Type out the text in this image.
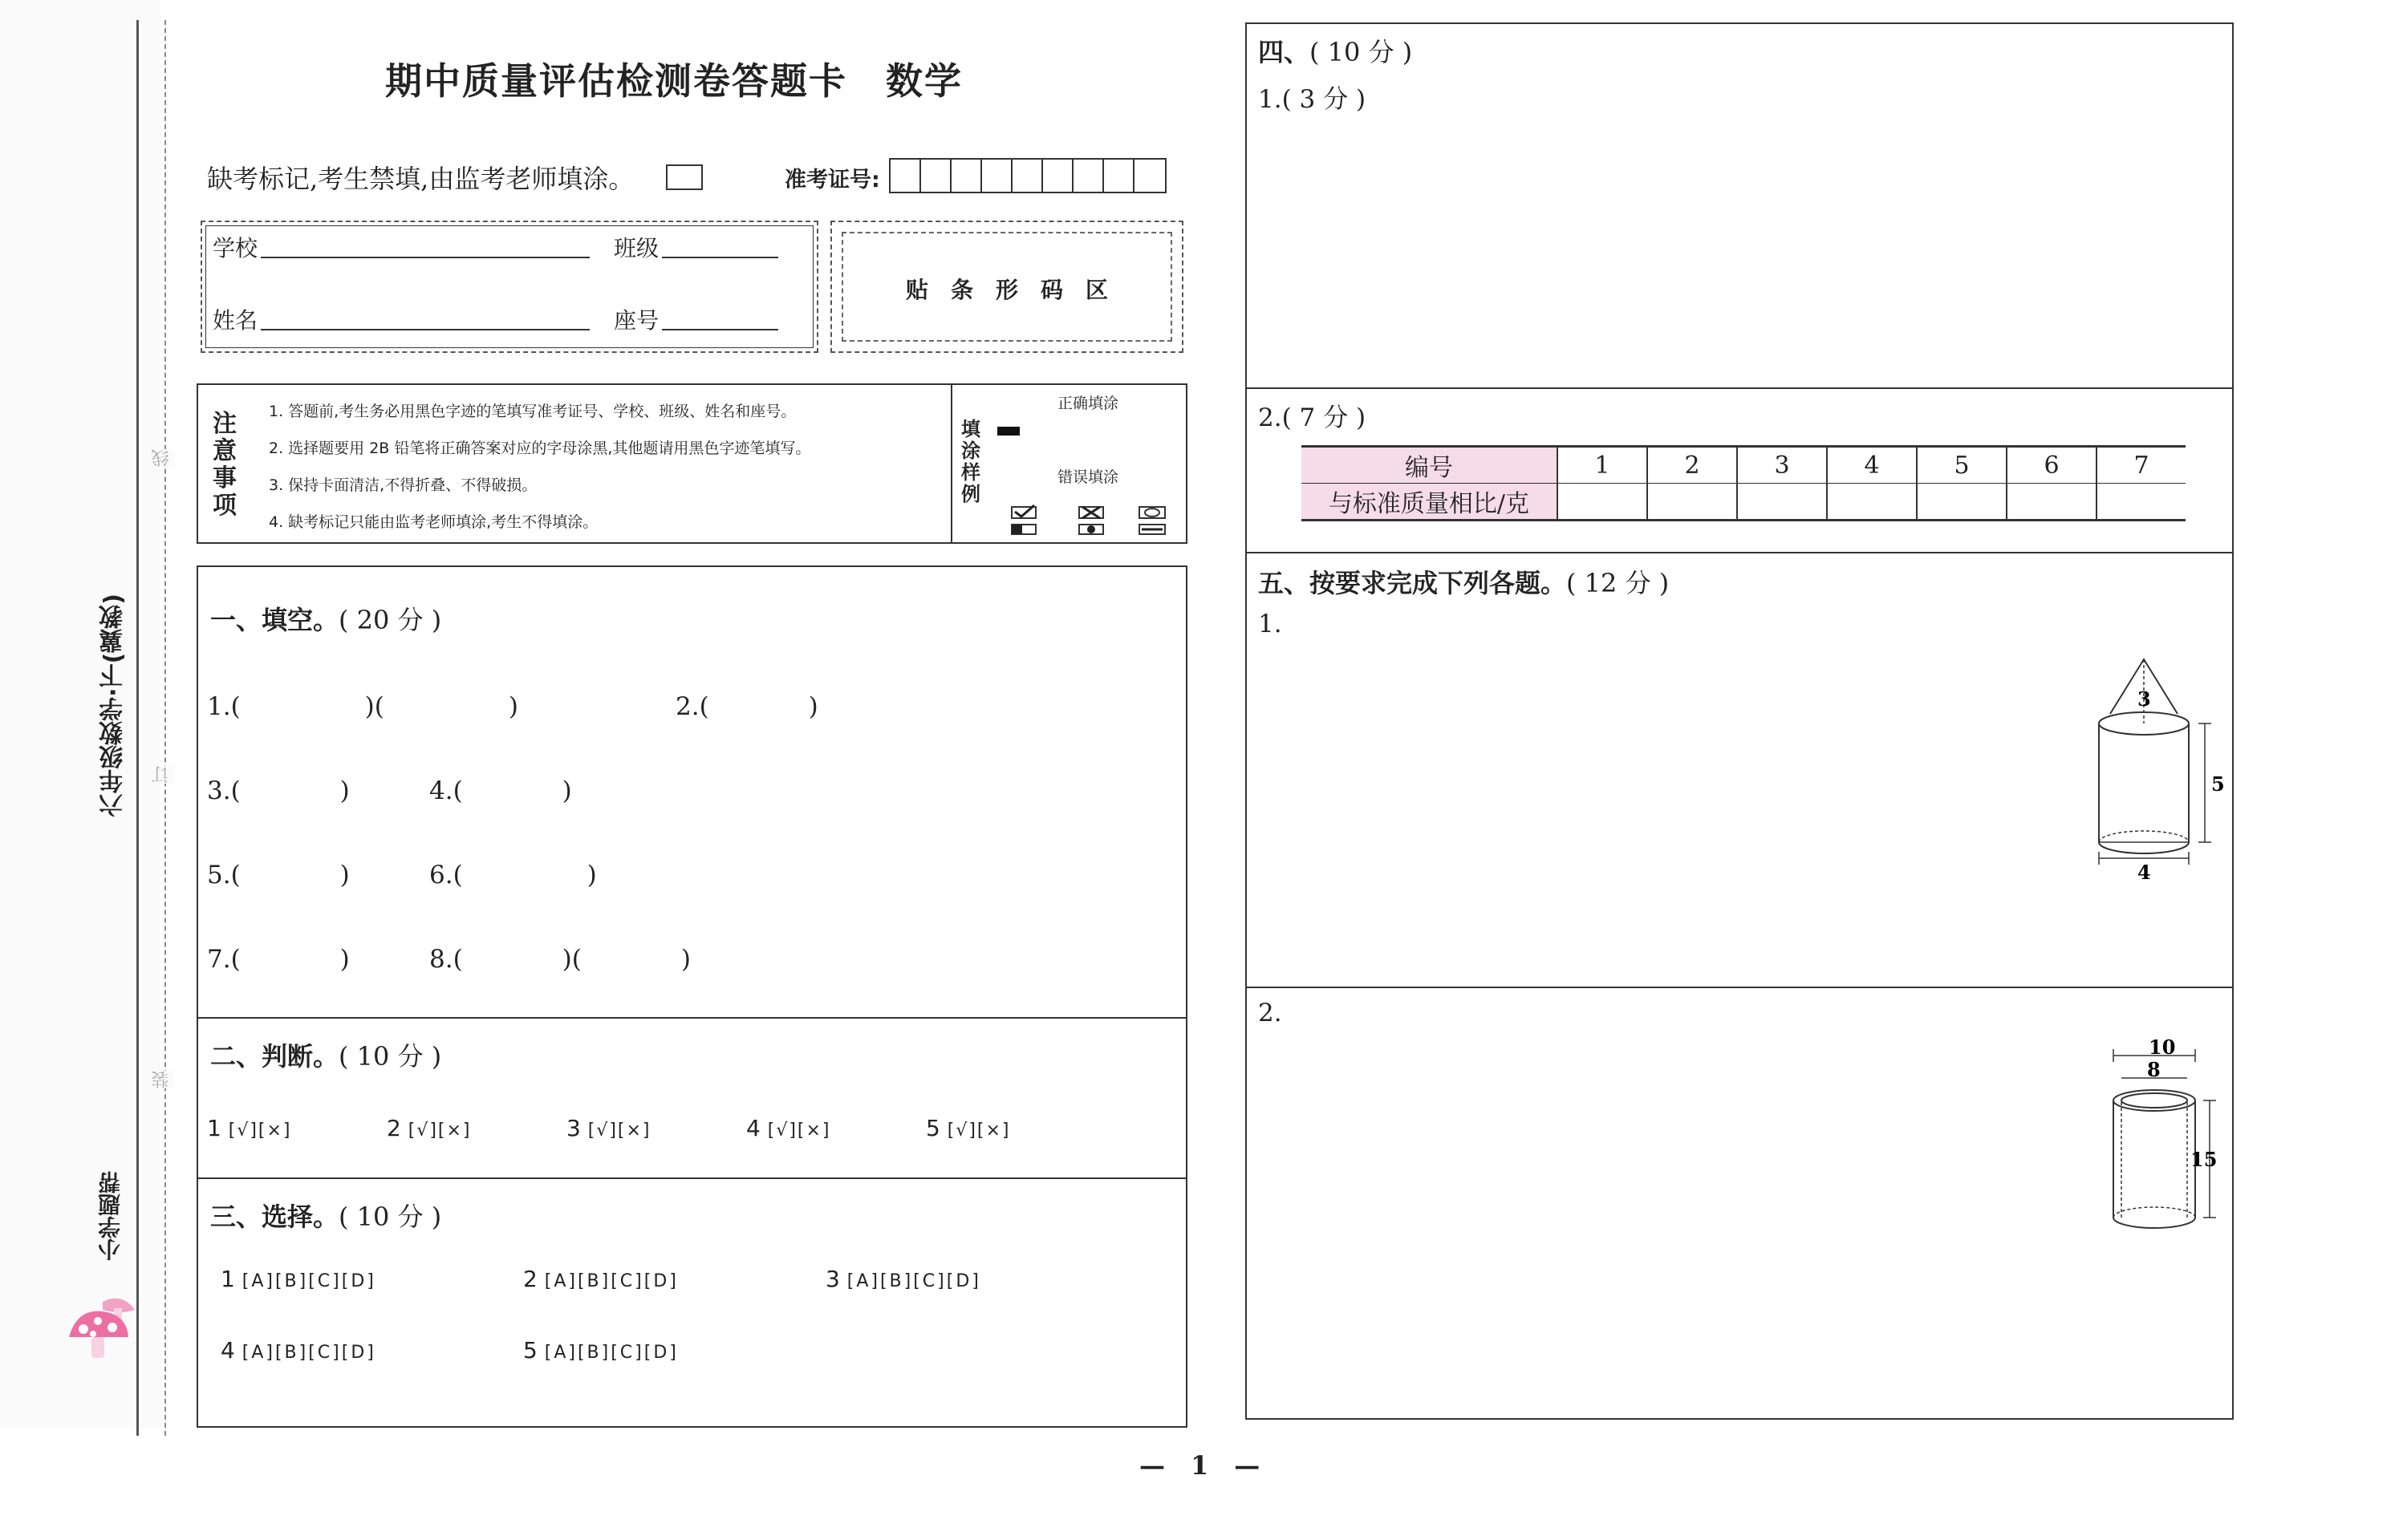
线
订
装
六年级数学·下(冀教)
小学题帮
期中质量评估检测卷答题卡　数学
缺考标记,考生禁填,由监考老师填涂。	准考证号:
学校	班级
姓名	座号
贴　条　形　码　区
注意事项
1. 答题前,考生务必用黑色字迹的笔填写准考证号、学校、班级、姓名和座号。
2. 选择题要用 2B 铅笔将正确答案对应的字母涂黑,其他题请用黑色字迹笔填写。
3. 保持卡面清洁,不得折叠、不得破损。
4. 缺考标记只能由监考老师填涂,考生不得填涂。
填涂样例
正确填涂
错误填涂
一、填空。( 20 分 )
1.(　　　　　)(　　　　　)	2.(　　　　)
3.(　　　　)	4.(　　　　)
5.(　　　　)	6.(　　　　　)
7.(　　　　)	8.(　　　　)(　　　　)
二、判断。( 10 分 )
1 [√][×]	2 [√][×]	3 [√][×]	4 [√][×]	5 [√][×]
三、选择。( 10 分 )
1 [A][B][C][D]	2 [A][B][C][D]	3 [A][B][C][D]
4 [A][B][C][D]	5 [A][B][C][D]
四、( 10 分 )
1.( 3 分 )
2.( 7 分 )
编号	1	2	3	4	5	6	7
与标准质量相比/克							
五、按要求完成下列各题。( 12 分 )
1.
2.
3
5
4
10
8
15
—　1　—
